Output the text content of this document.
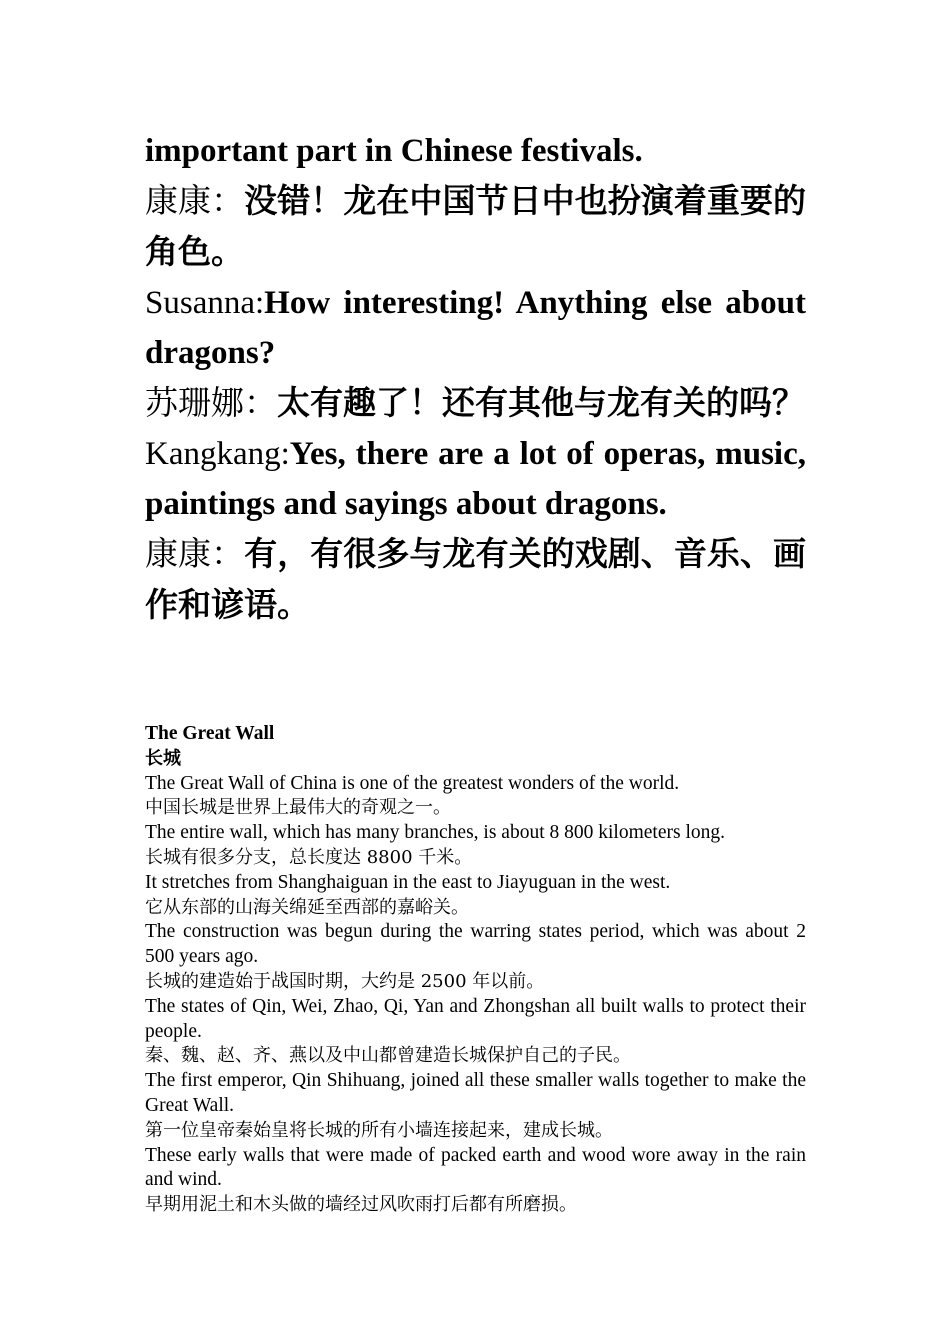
important part in Chinese festivals.

康康：没错！龙在中国节日中也扮演着重要的角色。

Susanna:How interesting! Anything else about dragons?

苏珊娜：太有趣了！还有其他与龙有关的吗？

Kangkang:Yes, there are a lot of operas, music, paintings and sayings about dragons.

康康：有，有很多与龙有关的戏剧、音乐、画作和谚语。

The Great Wall

长城

The Great Wall of China is one of the greatest wonders of the world.

中国长城是世界上最伟大的奇观之一。

The entire wall, which has many branches, is about 8 800 kilometers long.

长城有很多分支，总长度达 8800 千米。

It stretches from Shanghaiguan in the east to Jiayuguan in the west.

它从东部的山海关绵延至西部的嘉峪关。

The construction was begun during the warring states period, which was about 2 500 years ago.

长城的建造始于战国时期，大约是 2500 年以前。

The states of Qin, Wei, Zhao, Qi, Yan and Zhongshan all built walls to protect their people.

秦、魏、赵、齐、燕以及中山都曾建造长城保护自己的子民。

The first emperor, Qin Shihuang, joined all these smaller walls together to make the Great Wall.

第一位皇帝秦始皇将长城的所有小墙连接起来，建成长城。

These early walls that were made of packed earth and wood wore away in the rain and wind.

早期用泥土和木头做的墙经过风吹雨打后都有所磨损。
